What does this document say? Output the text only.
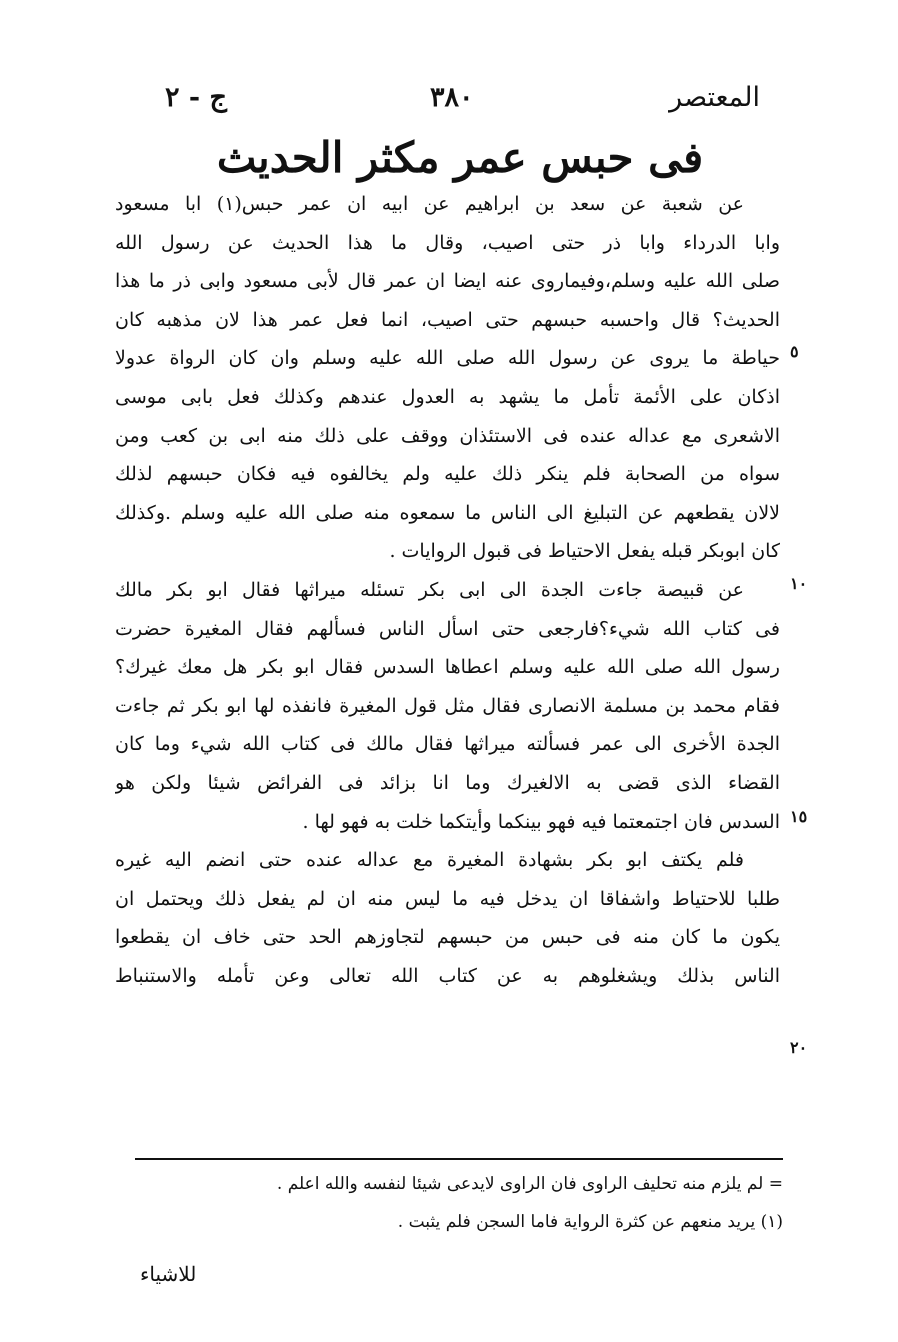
ج - ٢	٣٨٠	المعتصر
فى حبس عمر مكثر الحديث
عن شعبة عن سعد بن ابراهيم عن ابيه ان عمر حبس(١) ابا مسعود
وابا الدرداء وابا ذر حتى اصيب، وقال ما هذا الحديث عن رسول الله
صلى الله عليه وسلم،وفيماروى عنه ايضا ان عمر قال لأبى مسعود وابى ذر ما هذا
الحديث؟ قال واحسبه حبسهم حتى اصيب، انما فعل عمر هذا لان مذهبه كان
حياطة ما يروى عن رسول الله صلى الله عليه وسلم وان كان الرواة عدولا
اذكان على الأئمة تأمل ما يشهد به العدول عندهم وكذلك فعل بابى موسى
الاشعرى مع عداله عنده فى الاستئذان ووقف على ذلك منه ابى بن كعب ومن
سواه من الصحابة فلم ينكر ذلك عليه ولم يخالفوه فيه فكان حبسهم لذلك
لالان يقطعهم عن التبليغ الى الناس ما سمعوه منه صلى الله عليه وسلم .وكذلك
كان ابوبكر قبله يفعل الاحتياط فى قبول الروايات .
عن قبيصة جاءت الجدة الى ابى بكر تسئله ميراثها فقال ابو بكر مالك
فى كتاب الله شيء؟فارجعى حتى اسأل الناس فسألهم فقال المغيرة حضرت
رسول الله صلى الله عليه وسلم اعطاها السدس فقال ابو بكر هل معك غيرك؟
فقام محمد بن مسلمة الانصارى فقال مثل قول المغيرة فانفذه لها ابو بكر ثم جاءت
الجدة الأخرى الى عمر فسألته ميراثها فقال مالك فى كتاب الله شيء وما كان
القضاء الذى قضى به الالغيرك وما انا بزائد فى الفرائض شيئا ولكن هو
السدس فان اجتمعتما فيه فهو بينكما وأيتكما خلت به فهو لها .
فلم يكتف ابو بكر بشهادة المغيرة مع عداله عنده حتى انضم اليه غيره
طلبا للاحتياط واشفاقا ان يدخل فيه ما ليس منه ان لم يفعل ذلك ويحتمل ان
يكون ما كان منه فى حبس من حبسهم لتجاوزهم الحد حتى خاف ان يقطعوا
الناس بذلك ويشغلوهم به عن كتاب الله تعالى وعن تأمله والاستنباط
٥
١٠
١٥
٢٠
= لم يلزم منه تحليف الراوى فان الراوى لايدعى شيئا لنفسه والله اعلم .
(١) يريد منعهم عن كثرة الرواية فاما السجن فلم يثبت .
للاشياء
